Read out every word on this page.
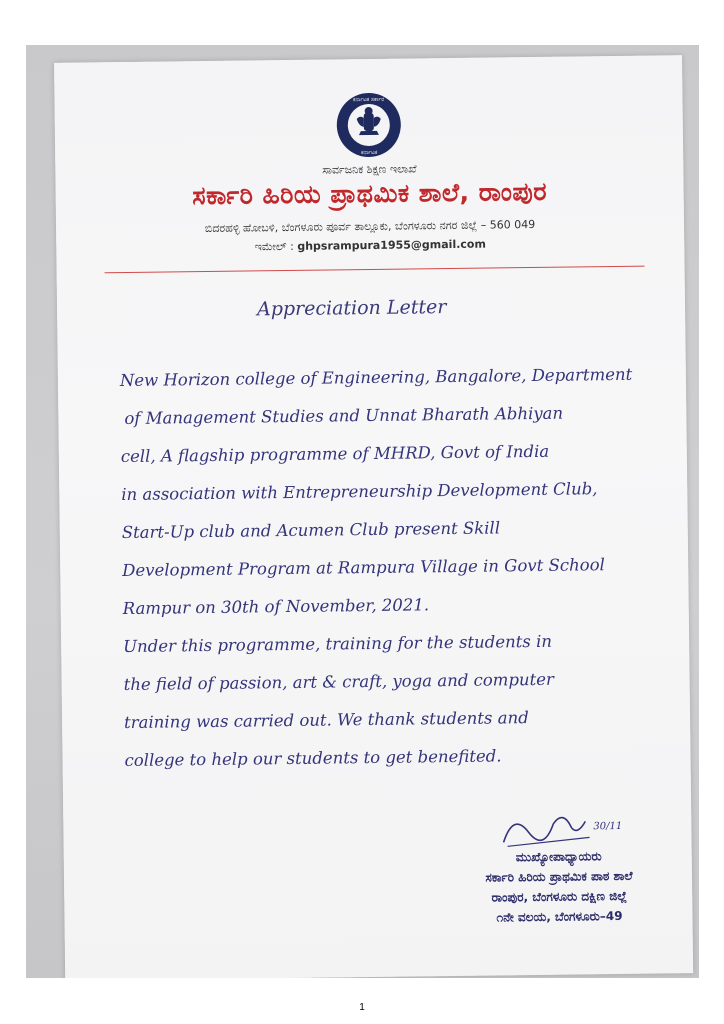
ಕರ್ನಾಟಕ ಸರ್ಕಾರ
ಕರ್ನಾಟಕ
ಸಾರ್ವಜನಿಕ ಶಿಕ್ಷಣ ಇಲಾಖೆ
ಸರ್ಕಾರಿ ಹಿರಿಯ ಪ್ರಾಥಮಿಕ ಶಾಲೆ, ರಾಂಪುರ
ಬಿದರಹಳ್ಳಿ ಹೋಬಳಿ, ಬೆಂಗಳೂರು ಪೂರ್ವ ತಾಲ್ಲೂಕು, ಬೆಂಗಳೂರು ನಗರ ಜಿಲ್ಲೆ – 560 049
ಇಮೇಲ್ : ghpsrampura1955@gmail.com
Appreciation Letter
New Horizon college of Engineering, Bangalore, Department
of Management Studies and Unnat Bharath Abhiyan
cell, A flagship programme of MHRD, Govt of India
in association with Entrepreneurship Development Club,
Start-Up club and Acumen Club present Skill
Development Program at Rampura Village in Govt School
Rampur on 30th of November, 2021.
Under this programme, training for the students in
the field of passion, art & craft, yoga and computer
training was carried out. We thank students and
college to help our students to get benefited.
30/11
ಮುಖ್ಯೋಪಾಧ್ಯಾಯರು
ಸರ್ಕಾರಿ ಹಿರಿಯ ಪ್ರಾಥಮಿಕ ಪಾಠ ಶಾಲೆ
ರಾಂಪುರ, ಬೆಂಗಳೂರು ದಕ್ಷಿಣ ಜಿಲ್ಲೆ
೧ನೇ ವಲಯ, ಬೆಂಗಳೂರು–49
1
